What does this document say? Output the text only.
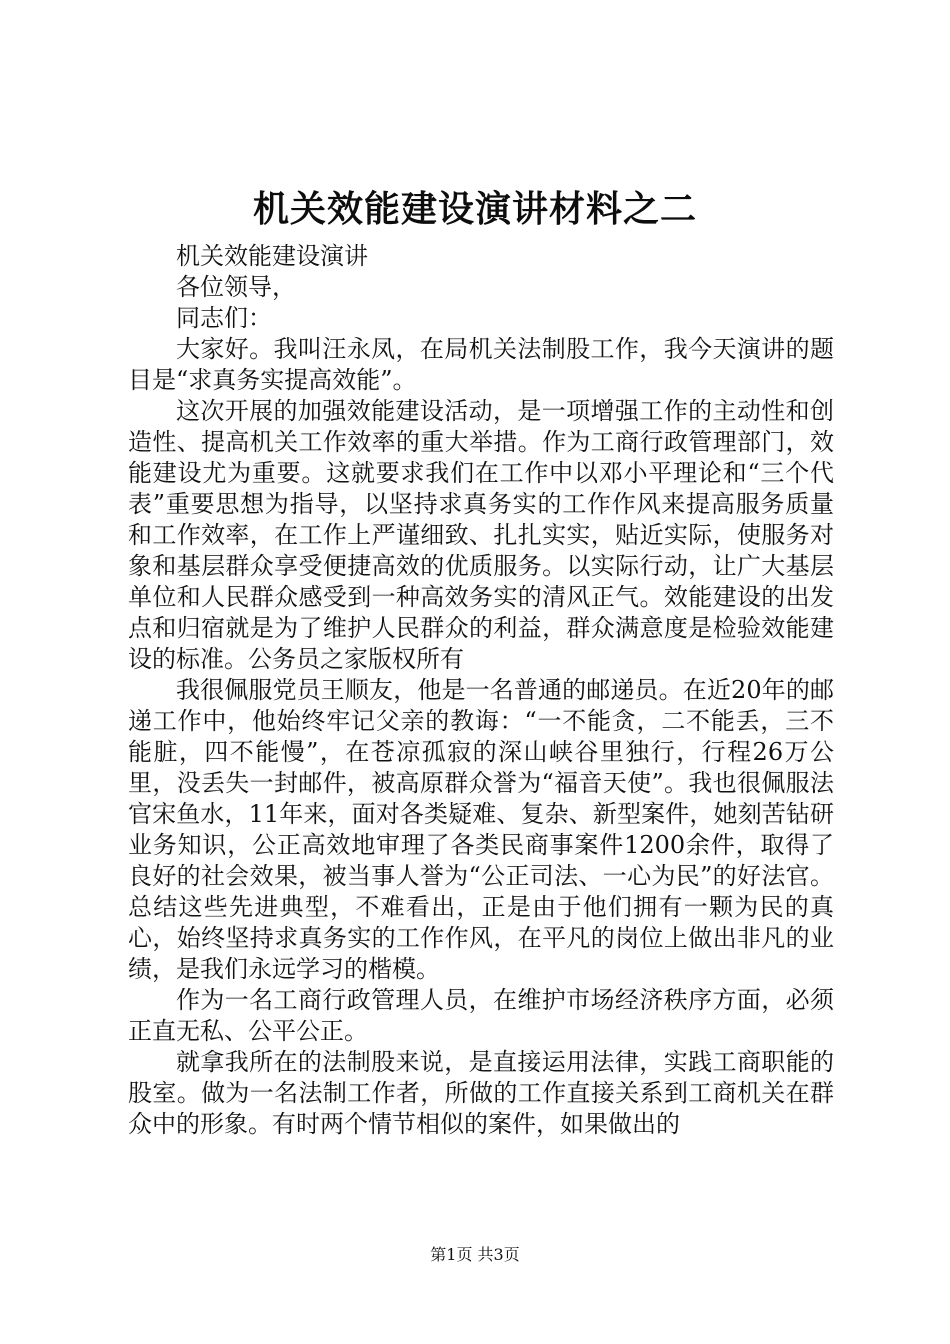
机关效能建设演讲材料之二

机关效能建设演讲

各位领导，

同志们：

大家好。我叫汪永凤，在局机关法制股工作，我今天演讲的题目是“求真务实提高效能”。

这次开展的加强效能建设活动，是一项增强工作的主动性和创造性、提高机关工作效率的重大举措。作为工商行政管理部门，效能建设尤为重要。这就要求我们在工作中以邓小平理论和“三个代表”重要思想为指导，以坚持求真务实的工作作风来提高服务质量和工作效率，在工作上严谨细致、扎扎实实，贴近实际，使服务对象和基层群众享受便捷高效的优质服务。以实际行动，让广大基层单位和人民群众感受到一种高效务实的清风正气。效能建设的出发点和归宿就是为了维护人民群众的利益，群众满意度是检验效能建设的标准。公务员之家版权所有

我很佩服党员王顺友，他是一名普通的邮递员。在近20年的邮递工作中，他始终牢记父亲的教诲：“一不能贪，二不能丢，三不能脏，四不能慢”，在苍凉孤寂的深山峡谷里独行，行程26万公里，没丢失一封邮件，被高原群众誉为“福音天使”。我也很佩服法官宋鱼水，11年来，面对各类疑难、复杂、新型案件，她刻苦钻研业务知识，公正高效地审理了各类民商事案件1200余件，取得了良好的社会效果，被当事人誉为“公正司法、一心为民”的好法官。总结这些先进典型，不难看出，正是由于他们拥有一颗为民的真心，始终坚持求真务实的工作作风，在平凡的岗位上做出非凡的业绩，是我们永远学习的楷模。

作为一名工商行政管理人员，在维护市场经济秩序方面，必须正直无私、公平公正。

就拿我所在的法制股来说，是直接运用法律，实践工商职能的股室。做为一名法制工作者，所做的工作直接关系到工商机关在群众中的形象。有时两个情节相似的案件，如果做出的

第1页 共3页
